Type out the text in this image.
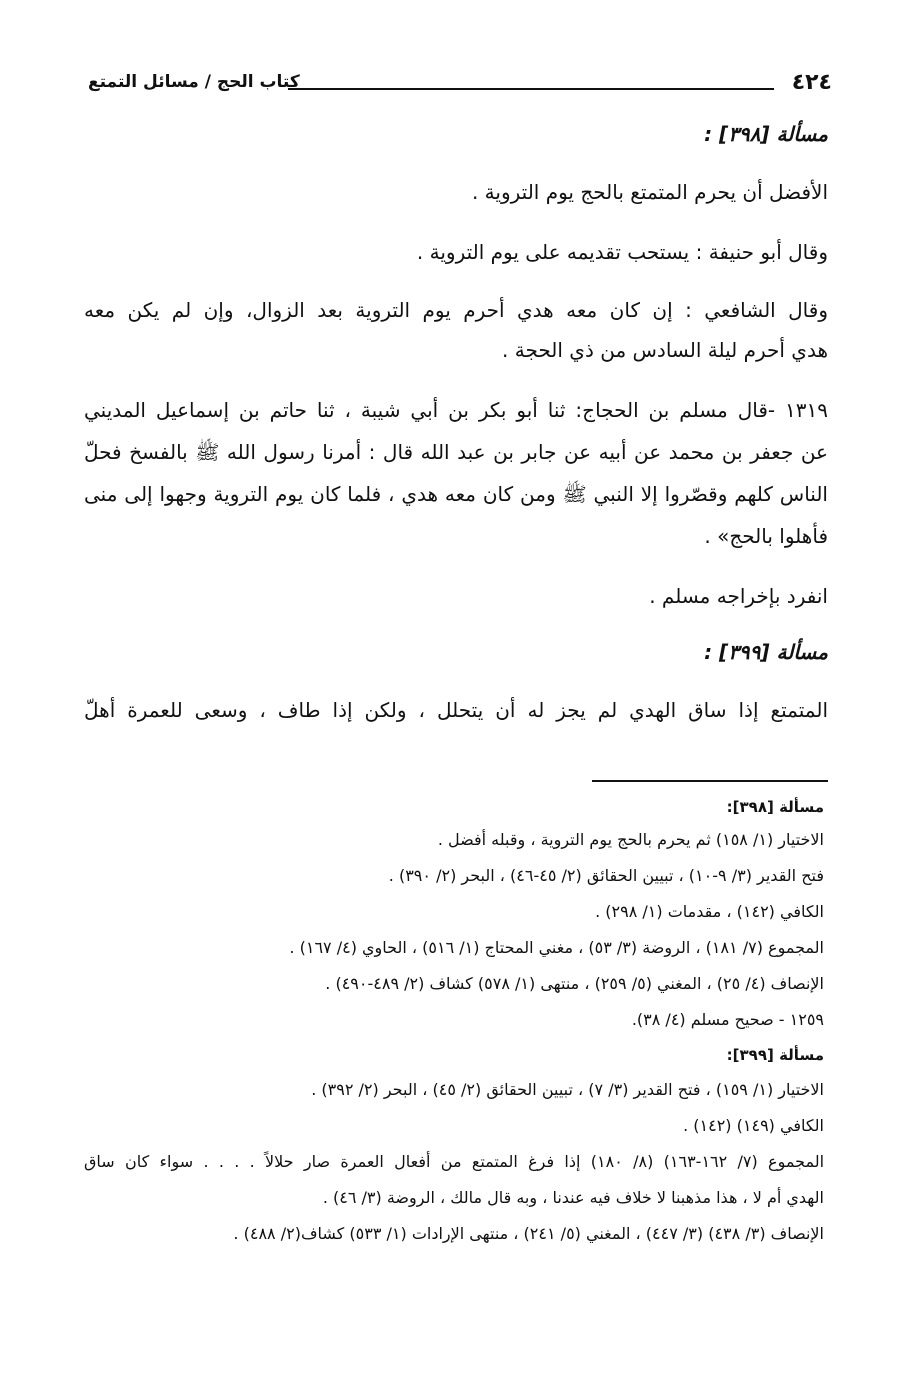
٤٢٤
كتاب الحج / مسائل التمتع
مسألة [٣٩٨] :
الأفضل أن يحرم المتمتع بالحج يوم التروية .
وقال أبو حنيفة : يستحب تقديمه على يوم التروية .
وقال الشافعي : إن كان معه هدي أحرم يوم التروية بعد الزوال، وإن لم يكن معه
هدي أحرم ليلة السادس من ذي الحجة .
١٣١٩ -قال مسلم بن الحجاج: ثنا أبو بكر بن أبي شيبة ، ثنا حاتم بن إسماعيل المديني
عن جعفر بن محمد عن أبيه عن جابر بن عبد الله قال : أمرنا رسول الله ﷺ بالفسخ فحلّ
الناس كلهم وقصّروا إلا النبي ﷺ ومن كان معه هدي ، فلما كان يوم التروية وجهوا إلى منى
فأهلوا بالحج» .
انفرد بإخراجه مسلم .
مسألة [٣٩٩] :
المتمتع إذا ساق الهدي لم يجز له أن يتحلل ، ولكن إذا طاف ، وسعى للعمرة أهلّ
مسألة [٣٩٨]:
الاختيار (١/ ١٥٨) ثم يحرم بالحج يوم التروية ، وقبله أفضل .
فتح القدير (٣/ ٩-١٠) ، تبيين الحقائق (٢/ ٤٥-٤٦) ، البحر (٢/ ٣٩٠) .
الكافي (١٤٢) ، مقدمات (١/ ٢٩٨) .
المجموع (٧/ ١٨١) ، الروضة (٣/ ٥٣) ، مغني المحتاج (١/ ٥١٦) ، الحاوي (٤/ ١٦٧) .
الإنصاف (٤/ ٢٥) ، المغني (٥/ ٢٥٩) ، منتهى (١/ ٥٧٨) كشاف (٢/ ٤٨٩-٤٩٠) .
١٢٥٩ - صحيح مسلم (٤/ ٣٨).
مسألة [٣٩٩]:
الاختيار (١/ ١٥٩) ، فتح القدير (٣/ ٧) ، تبيين الحقائق (٢/ ٤٥) ، البحر (٢/ ٣٩٢) .
الكافي (١٤٩) (١٤٢) .
المجموع (٧/ ١٦٢-١٦٣) (٨/ ١٨٠) إذا فرغ المتمتع من أفعال العمرة صار حلالاً . . . . سواء كان ساق
الهدي أم لا ، هذا مذهبنا لا خلاف فيه عندنا ، وبه قال مالك ، الروضة (٣/ ٤٦) .
الإنصاف (٣/ ٤٣٨) (٣/ ٤٤٧) ، المغني (٥/ ٢٤١) ، منتهى الإرادات (١/ ٥٣٣) كشاف(٢/ ٤٨٨) .
